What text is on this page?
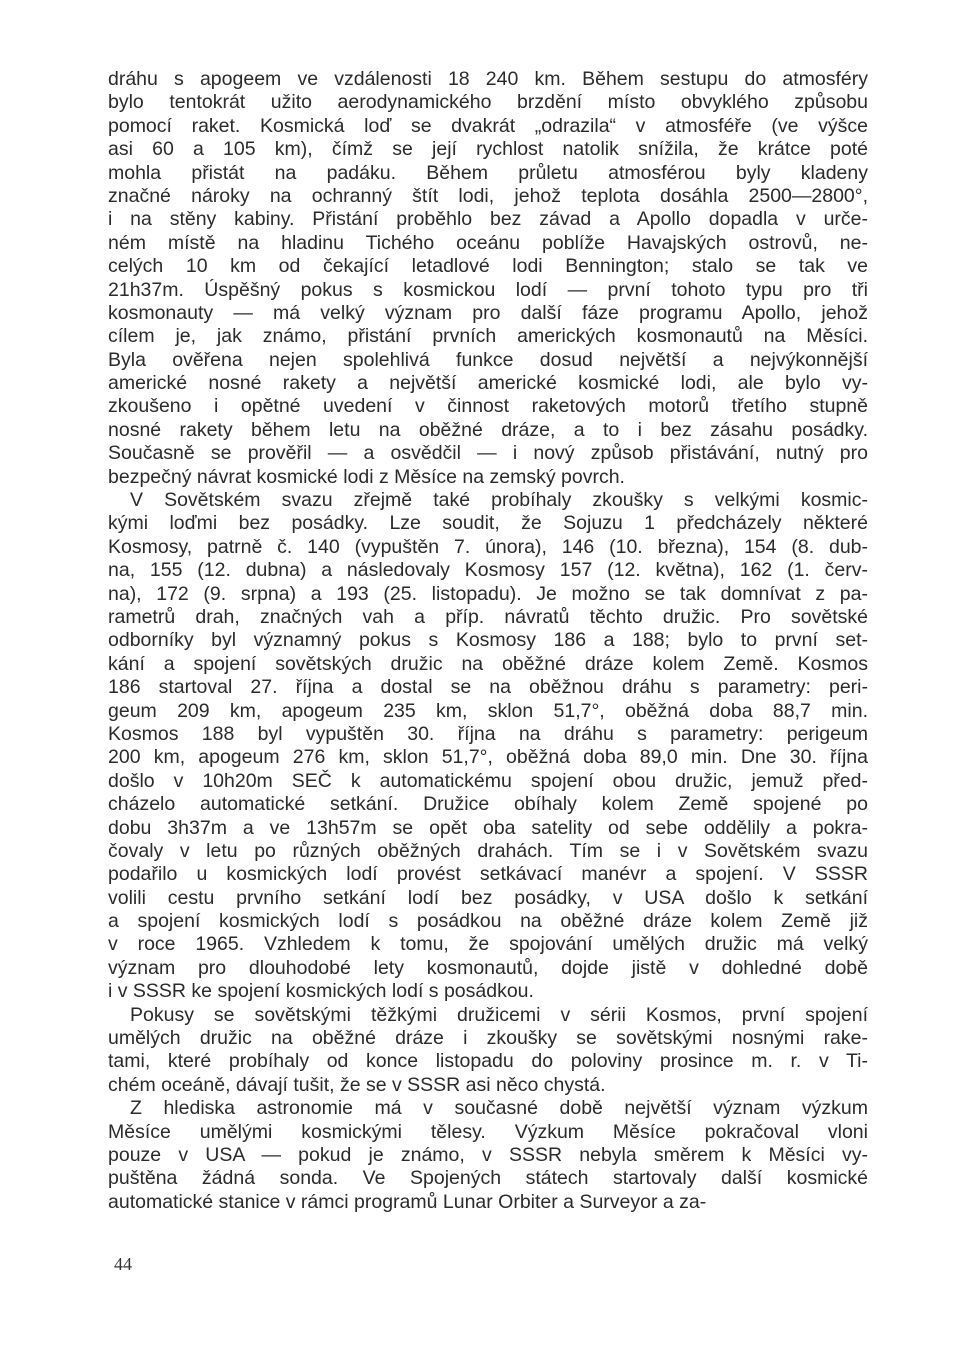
dráhu s apogeem ve vzdálenosti 18 240 km. Během sestupu do atmosféry
bylo tentokrát užito aerodynamického brzdění místo obvyklého způsobu
pomocí raket. Kosmická loď se dvakrát „odrazila“ v atmosféře (ve výšce
asi 60 a 105 km), čímž se její rychlost natolik snížila, že krátce poté
mohla přistát na padáku. Během průletu atmosférou byly kladeny
značné nároky na ochranný štít lodi, jehož teplota dosáhla 2500—2800°,
i na stěny kabiny. Přistání proběhlo bez závad a Apollo dopadla v urče-
ném místě na hladinu Tichého oceánu poblíže Havajských ostrovů, ne-
celých 10 km od čekající letadlové lodi Bennington; stalo se tak ve
21h37m. Úspěšný pokus s kosmickou lodí — první tohoto typu pro tři
kosmonauty — má velký význam pro další fáze programu Apollo, jehož
cílem je, jak známo, přistání prvních amerických kosmonautů na Měsíci.
Byla ověřena nejen spolehlivá funkce dosud největší a nejvýkonnější
americké nosné rakety a největší americké kosmické lodi, ale bylo vy-
zkoušeno i opětné uvedení v činnost raketových motorů třetího stupně
nosné rakety během letu na oběžné dráze, a to i bez zásahu posádky.
Současně se prověřil — a osvědčil — i nový způsob přistávání, nutný pro
bezpečný návrat kosmické lodi z Měsíce na zemský povrch.
V Sovětském svazu zřejmě také probíhaly zkoušky s velkými kosmic-
kými loďmi bez posádky. Lze soudit, že Sojuzu 1 předcházely některé
Kosmosy, patrně č. 140 (vypuštěn 7. února), 146 (10. března), 154 (8. dub-
na, 155 (12. dubna) a následovaly Kosmosy 157 (12. května), 162 (1. červ-
na), 172 (9. srpna) a 193 (25. listopadu). Je možno se tak domnívat z pa-
rametrů drah, značných vah a příp. návratů těchto družic. Pro sovětské
odborníky byl významný pokus s Kosmosy 186 a 188; bylo to první set-
kání a spojení sovětských družic na oběžné dráze kolem Země. Kosmos
186 startoval 27. října a dostal se na oběžnou dráhu s parametry: peri-
geum 209 km, apogeum 235 km, sklon 51,7°, oběžná doba 88,7 min.
Kosmos 188 byl vypuštěn 30. října na dráhu s parametry: perigeum
200 km, apogeum 276 km, sklon 51,7°, oběžná doba 89,0 min. Dne 30. října
došlo v 10h20m SEČ k automatickému spojení obou družic, jemuž před-
cházelo automatické setkání. Družice obíhaly kolem Země spojené po
dobu 3h37m a ve 13h57m se opět oba satelity od sebe oddělily a pokra-
čovaly v letu po různých oběžných drahách. Tím se i v Sovětském svazu
podařilo u kosmických lodí provést setkávací manévr a spojení. V SSSR
volili cestu prvního setkání lodí bez posádky, v USA došlo k setkání
a spojení kosmických lodí s posádkou na oběžné dráze kolem Země již
v roce 1965. Vzhledem k tomu, že spojování umělých družic má velký
význam pro dlouhodobé lety kosmonautů, dojde jistě v dohledné době
i v SSSR ke spojení kosmických lodí s posádkou.
Pokusy se sovětskými těžkými družicemi v sérii Kosmos, první spojení
umělých družic na oběžné dráze i zkoušky se sovětskými nosnými rake-
tami, které probíhaly od konce listopadu do poloviny prosince m. r. v Ti-
chém oceáně, dávají tušit, že se v SSSR asi něco chystá.
Z hlediska astronomie má v současné době největší význam výzkum
Měsíce umělými kosmickými tělesy. Výzkum Měsíce pokračoval vlonі
pouze v USA — pokud je známo, v SSSR nebyla směrem k Měsíci vy-
puštěna žádná sonda. Ve Spojených státech startovaly další kosmické
automatické stanice v rámci programů Lunar Orbiter a Surveyor a za-
44
